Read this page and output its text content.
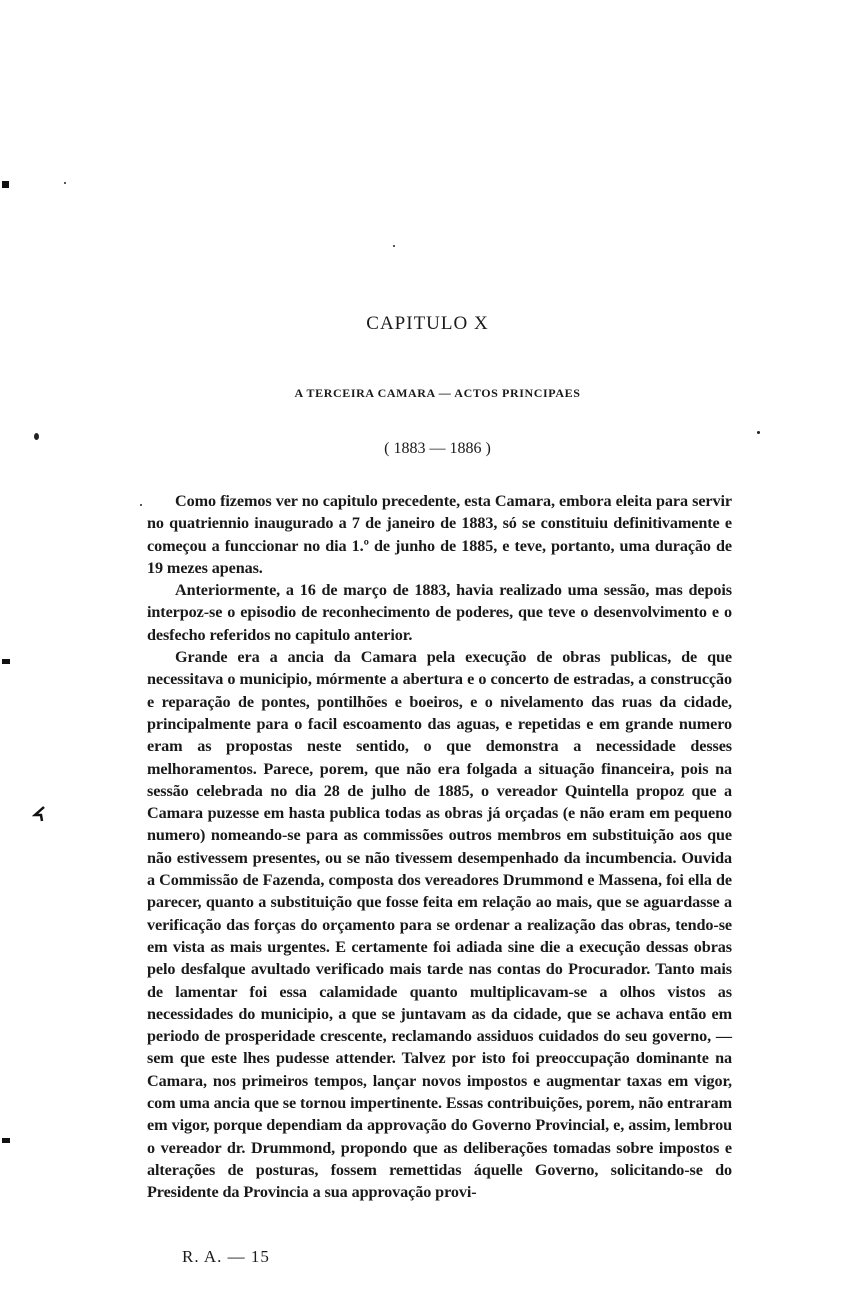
CAPITULO X
A TERCEIRA CAMARA — ACTOS PRINCIPAES
( 1883 — 1886 )

Como fizemos ver no capitulo precedente, esta Camara, embora eleita para servir no quatriennio inaugurado a 7 de janeiro de 1883, só se constituiu definitivamente e começou a funccionar no dia 1.º de junho de 1885, e teve, portanto, uma duração de 19 mezes apenas.

Anteriormente, a 16 de março de 1883, havia realizado uma sessão, mas depois interpoz-se o episodio de reconhecimento de poderes, que teve o desenvolvimento e o desfecho referidos no capitulo anterior.

Grande era a ancia da Camara pela execução de obras publicas, de que necessitava o municipio, mórmente a abertura e o concerto de estradas, a construcção e reparação de pontes, pontilhões e boeiros, e o nivelamento das ruas da cidade, principalmente para o facil escoamento das aguas, e repetidas e em grande numero eram as propostas neste sentido, o que demonstra a necessidade desses melhoramentos. Parece, porem, que não era folgada a situação financeira, pois na sessão celebrada no dia 28 de julho de 1885, o vereador Quintella propoz que a Camara puzesse em hasta publica todas as obras já orçadas (e não eram em pequeno numero) nomeando-se para as commissões outros membros em substituição aos que não estivessem presentes, ou se não tivessem desempenhado da incumbencia. Ouvida a Commissão de Fazenda, composta dos vereadores Drummond e Massena, foi ella de parecer, quanto a substituição que fosse feita em relação ao mais, que se aguardasse a verificação das forças do orçamento para se ordenar a realização das obras, tendo-se em vista as mais urgentes. E certamente foi adiada sine die a execução dessas obras pelo desfalque avultado verificado mais tarde nas contas do Procurador. Tanto mais de lamentar foi essa calamidade quanto multiplicavam-se a olhos vistos as necessidades do municipio, a que se juntavam as da cidade, que se achava então em periodo de prosperidade crescente, reclamando assiduos cuidados do seu governo, — sem que este lhes pudesse attender. Talvez por isto foi preoccupação dominante na Camara, nos primeiros tempos, lançar novos impostos e augmentar taxas em vigor, com uma ancia que se tornou impertinente. Essas contribuições, porem, não entraram em vigor, porque dependiam da approvação do Governo Provincial, e, assim, lembrou o vereador dr. Drummond, propondo que as deliberações tomadas sobre impostos e alterações de posturas, fossem remettidas áquelle Governo, solicitando-se do Presidente da Provincia a sua approvação provi-

R. A. — 15
